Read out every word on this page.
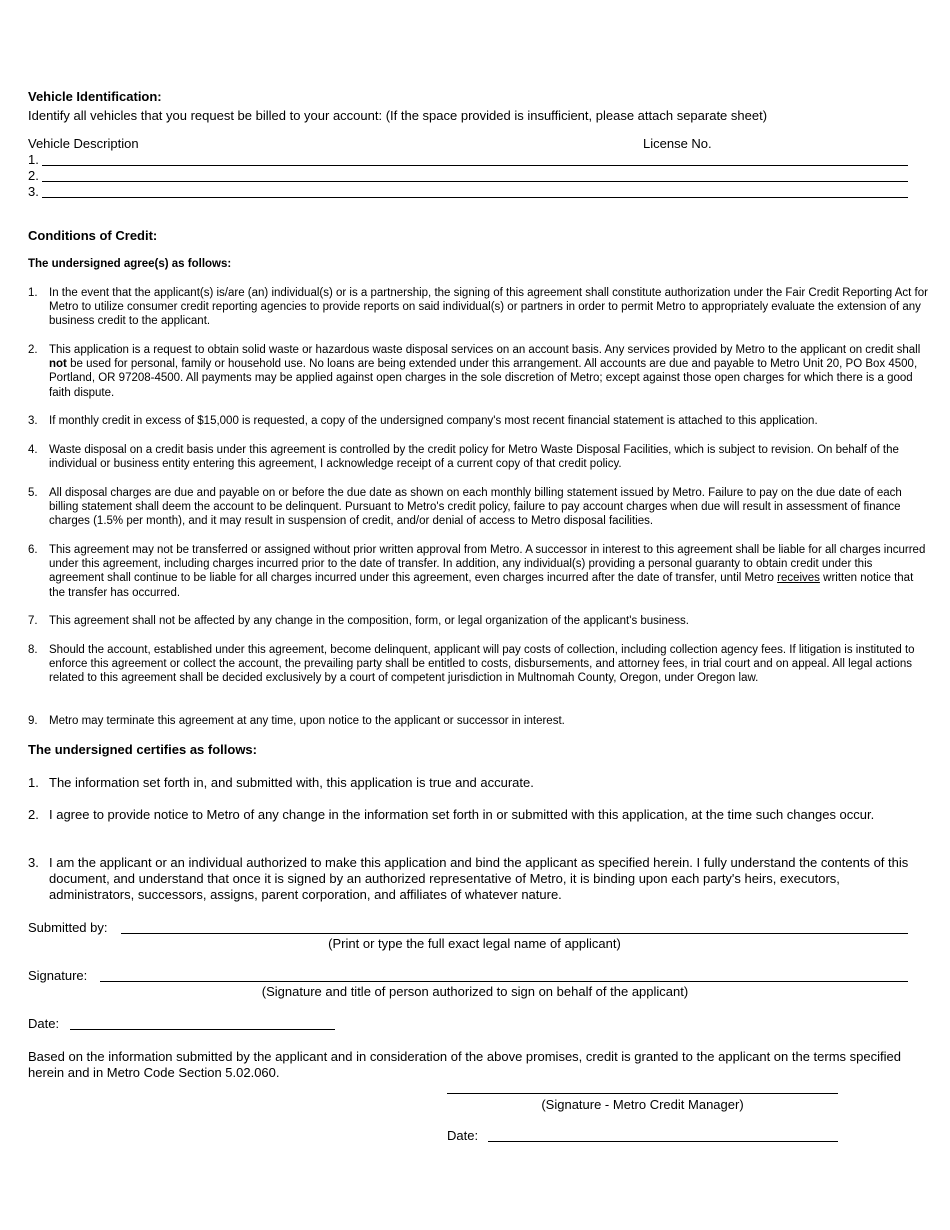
Vehicle Identification:
Identify all vehicles that you request be billed to your account: (If the space provided is insufficient, please attach separate sheet)
Vehicle Description	License No.
1.
2.
3.
Conditions of Credit:
The undersigned agree(s) as follows:
1. In the event that the applicant(s) is/are (an) individual(s) or is a partnership, the signing of this agreement shall constitute authorization under the Fair Credit Reporting Act for Metro to utilize consumer credit reporting agencies to provide reports on said individual(s) or partners in order to permit Metro to appropriately evaluate the extension of any business credit to the applicant.
2. This application is a request to obtain solid waste or hazardous waste disposal services on an account basis. Any services provided by Metro to the applicant on credit shall not be used for personal, family or household use. No loans are being extended under this arrangement. All accounts are due and payable to Metro Unit 20, PO Box 4500, Portland, OR 97208-4500. All payments may be applied against open charges in the sole discretion of Metro; except against those open charges for which there is a good faith dispute.
3. If monthly credit in excess of $15,000 is requested, a copy of the undersigned company's most recent financial statement is attached to this application.
4. Waste disposal on a credit basis under this agreement is controlled by the credit policy for Metro Waste Disposal Facilities, which is subject to revision. On behalf of the individual or business entity entering this agreement, I acknowledge receipt of a current copy of that credit policy.
5. All disposal charges are due and payable on or before the due date as shown on each monthly billing statement issued by Metro. Failure to pay on the due date of each billing statement shall deem the account to be delinquent. Pursuant to Metro's credit policy, failure to pay account charges when due will result in assessment of finance charges (1.5% per month), and it may result in suspension of credit, and/or denial of access to Metro disposal facilities.
6. This agreement may not be transferred or assigned without prior written approval from Metro. A successor in interest to this agreement shall be liable for all charges incurred under this agreement, including charges incurred prior to the date of transfer. In addition, any individual(s) providing a personal guaranty to obtain credit under this agreement shall continue to be liable for all charges incurred under this agreement, even charges incurred after the date of transfer, until Metro receives written notice that the transfer has occurred.
7. This agreement shall not be affected by any change in the composition, form, or legal organization of the applicant's business.
8. Should the account, established under this agreement, become delinquent, applicant will pay costs of collection, including collection agency fees. If litigation is instituted to enforce this agreement or collect the account, the prevailing party shall be entitled to costs, disbursements, and attorney fees, in trial court and on appeal. All legal actions related to this agreement shall be decided exclusively by a court of competent jurisdiction in Multnomah County, Oregon, under Oregon law.
9. Metro may terminate this agreement at any time, upon notice to the applicant or successor in interest.
The undersigned certifies as follows:
1. The information set forth in, and submitted with, this application is true and accurate.
2. I agree to provide notice to Metro of any change in the information set forth in or submitted with this application, at the time such changes occur.
3. I am the applicant or an individual authorized to make this application and bind the applicant as specified herein. I fully understand the contents of this document, and understand that once it is signed by an authorized representative of Metro, it is binding upon each party's heirs, executors, administrators, successors, assigns, parent corporation, and affiliates of whatever nature.
Submitted by:
(Print or type the full exact legal name of applicant)
Signature:
(Signature and title of person authorized to sign on behalf of the applicant)
Date:
Based on the information submitted by the applicant and in consideration of the above promises, credit is granted to the applicant on the terms specified herein and in Metro Code Section 5.02.060.
(Signature - Metro Credit Manager)
Date:
